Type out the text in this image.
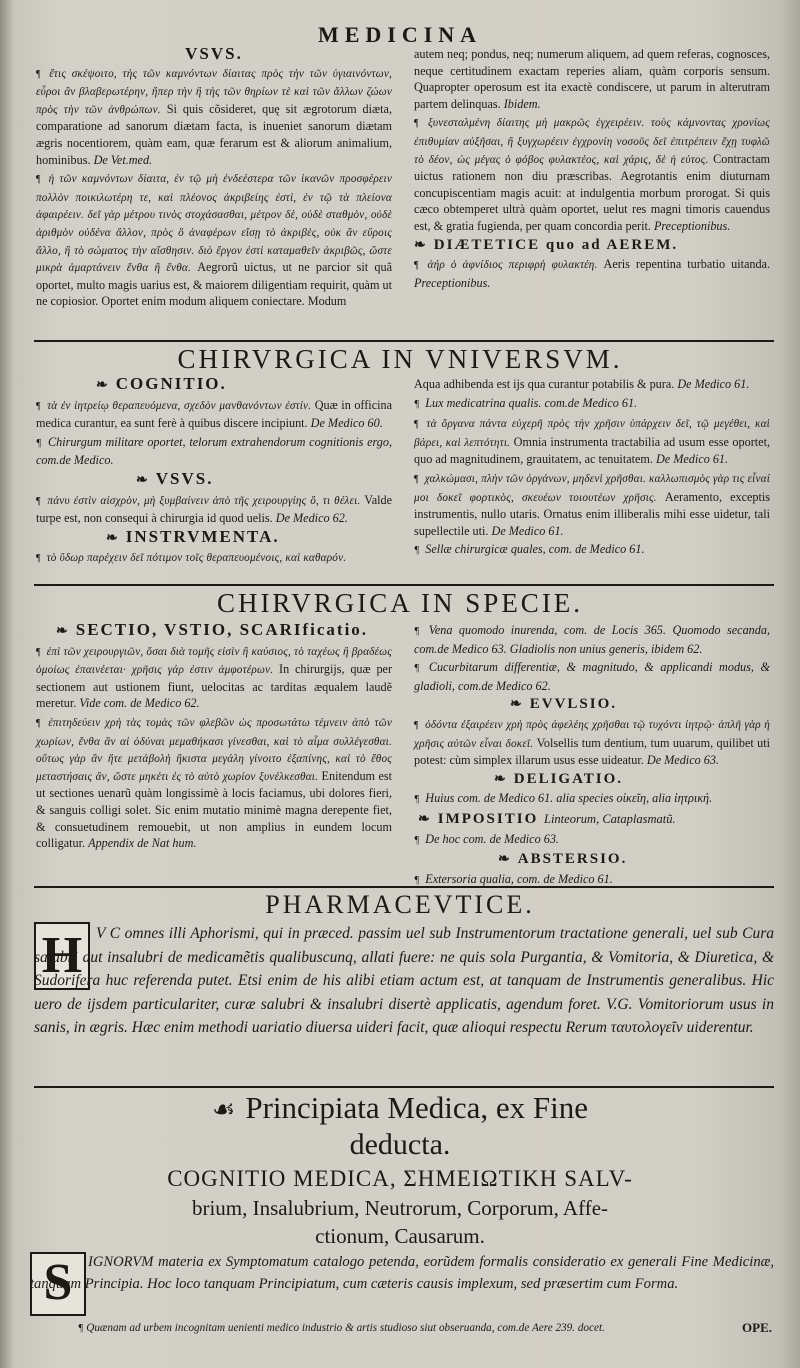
MEDICINA
VSVS.

¶ ἔτις σκέψοιτο, τὴς τῶν καμνόντων δίαιτας πρὸς τὴν τῶν ὑγιαινόντων, εὗροι ἂν βλαβερωτέρην, ἤπερ τὴν ἢ τὴς τῶν θηρίων τὲ καὶ τῶν ἄλλων ζώων πρὸς τὴν τῶν ἀνθρώπων. Si quis cõsideret, quę sit ægrotorum diæta, comparatione ad sanorum diætam facta, is inueniet sanorum diætam ægris nocentiorem, quàm eam, quæ ferarum est & aliorum animalium, hominibus. De Vet.med.

¶ ἡ τῶν καμνόντων δίαιτα, ἐν τῷ μὴ ἐνδεέστερα τῶν ἱκανῶν προσφέρειν πολλὸν ποικιλωτέρη τε, καὶ πλέονος ἀκριβείης ἐστὶ, ἐν τῷ τὰ πλείονα ἀφαιρέειν. δεῖ γὰρ μέτρου τινὸς στοχάσασθαι, μέτρον δὲ, οὐδὲ σταθμὸν, οὐδὲ ἀριθμὸν οὐδένα ἄλλον, πρὸς ὃ ἀναφέρων εἴσῃ τὸ ἀκριβὲς, οὐκ ἂν εὕροις ἄλλο, ἢ τὸ σώματος τὴν αἴσθησιν. διὸ ἔργον ἐστὶ καταμαθεῖν ἀκριβῶς, ὥστε μικρὰ ἁμαρτάνειν ἔνθα ἢ ἔνθα. Aegrorũ uictus, ut ne parcior sit quã oportet, multo magis uarius est, & maiorem diligentiam requirit, quàm ut ne copiosior. Oportet enim modum aliquem coniectare. Modum

autem neq; pondus, neq; numerum aliquem, ad quem referas, cognosces, neque certitudinem exactam reperies aliam, quàm corporis sensum. Quapropter operosum est ita exactè condiscere, ut parum in alterutram partem delinquas. Ibidem.

¶ ξυνεσταλμένη δίαιτης μὴ μακρῶς ἐγχειρέειν. τοὺς κάμνοντας χρονίως ἐπιθυμίαν αὐξῆσαι, ἢ ξυγχωρέειν ἐγχρονίη νοσοῦς δεῖ ἐπιτρέπειν ἔχῃ τυφλῶ τὸ δέον, ὡς μέγας ὁ φόβος φυλακτέος, καὶ χάρις, δὲ ἡ εὐτος. Contractam uictus rationem non diu præscribas. Aegrotantis enim diuturnam concupiscentiam magis acuit: at indulgentia morbum prorogat. Si quis cæco obtemperet ultrà quàm oportet, uelut res magni timoris cauendus est, & gratia fugienda, per quam concordia perit. Preceptionibus.

❧ DIÆTETICE quo ad AEREM.

¶ ἀήρ ὁ ἀφνίδιος περιφρὴ φυλακτέη. Aeris repentina turbatio uitanda. Preceptionibus.

CHIRVRGICA IN VNIVERSVM.
❧ COGNITIO.

¶ τὰ ἐν ἰητρείῳ θεραπευόμενα, σχεδὸν μανθανόντων ἐστίν. Quæ in officina medica curantur, ea sunt ferè à quibus discere incipiunt. De Medico 60.

¶ Chirurgum militare oportet, telorum extrahendorum cognitionis ergo, com.de Medico.

❧ VSVS.

¶ πάνυ ἐστὶν αἰσχρὸν, μὴ ξυμβαίνειν ἀπὸ τῆς χειρουργίης ὃ, τι θέλει. Valde turpe est, non consequi à chirurgia id quod uelis. De Medico 62.

❧ INSTRVMENTA.

¶ τὸ ὕδωρ παρέχειν δεῖ πότιμον τοῖς θεραπευομένοις, καὶ καθαρόν.

Aqua adhibenda est ijs qua curantur potabilis & pura. De Medico 61.

¶ Lux medicatrina qualis. com.de Medico 61.

¶ τὰ ὄργανα πάντα εὐχερῆ πρὸς τὴν χρῆσιν ὑπάρχειν δεῖ, τῷ μεγέθει, καὶ βάρει, καὶ λεπτότητι. Omnia instrumenta tractabilia ad usum esse oportet, quo ad magnitudinem, grauitatem, ac tenuitatem. De Medico 61.

¶ χαλκώμασι, πλὴν τῶν ὀργάνων, μηδενὶ χρῆσθαι. καλλωπισμὸς γὰρ τις εἶναί μοι δοκεῖ φορτικὸς, σκευέων τοιουτέων χρῆσις. Aeramento, exceptis instrumentis, nullo utaris. Ornatus enim illiberalis mihi esse uidetur, tali supellectile uti. De Medico 61.

¶ Sellæ chirurgicæ quales, com. de Medico 61.

CHIRVRGICA IN SPECIE.
❧ SECTIO, VSTIO, SCARIficatio.

¶ ἐπὶ τῶν χειρουργιῶν, ὅσαι διὰ τομῆς εἰσὶν ἢ καύσιος, τὸ ταχέως ἢ βραδέως ὁμοίως ἐπαινέεται· χρῆσις γάρ ἐστιν ἀμφοτέρων. In chirurgijs, quæ per sectionem aut ustionem fiunt, uelocitas ac tarditas æqualem laudẽ meretur. Vide com. de Medico 62.

¶ ἐπιτηδεύειν χρὴ τὰς τομὰς τῶν φλεβῶν ὡς προσωτάτω τέμνειν ἀπὸ τῶν χωρίων, ἔνθα ἂν αἱ ὀδύναι μεμαθήκασι γίνεσθαι, καὶ τὸ αἷμα συλλέγεσθαι. οὕτως γὰρ ἂν ἥτε μετάβολὴ ἥκιστα μεγάλη γίνοιτο ἐξαπίνης, καὶ τὸ ἔθος μεταστήσαις ἂν, ὥστε μηκέτι ἐς τὸ αὐτὸ χωρίον ξυνέλκεσθαι. Enitendum est ut sectiones uenarũ quàm longissimè à locis faciamus, ubi dolores fieri, & sanguis colligi solet. Sic enim mutatio minimè magna derepente fiet, & consuetudinem remouebit, ut non amplius in eundem locum colligatur. Appendix de Nat hum.

¶ Vena quomodo inurenda, com. de Locis 365. Quomodo secanda, com.de Medico 63. Gladiolis non unius generis, ibidem 62.

¶ Cucurbitarum differentiæ, & magnitudo, & applicandi modus, & gladioli, com.de Medico 62.

❧ EVVLSIO.

¶ ὀδόντα ἐξαιρέειν χρὴ πρὸς ἀφελέης χρῆσθαι τῷ τυχόντι ἰητρῷ· ἁπλῆ γὰρ ἡ χρῆσις αὐτῶν εἶναι δοκεῖ. Volsellis tum dentium, tum uuarum, quilibet uti potest: cùm simplex illarum usus esse uideatur. De Medico 63.

❧ DELIGATIO.

¶ Huius com. de Medico 61. alia species οἰκεῖη, alia ἰητρική.

❧ IMPOSITIO Linteorum, Cataplasmatũ.

¶ De hoc com. de Medico 63.

❧ ABSTERSIO.

¶ Extersoria qualia, com. de Medico 61.

PHARMACEVTICE.
H V C omnes illi Aphorismi, qui in præced. passim uel sub Instrumentorum tractatione generali, uel sub Cura salubri aut insalubri de medicamẽtis qualibuscunq, allati fuere: ne quis sola Purgantia, & Vomitoria, & Diuretica, & Sudorifera huc referenda putet. Etsi enim de his alibi etiam actum est, at tanquam de Instrumentis generalibus. Hic uero de ijsdem particulariter, curæ salubri & insalubri disertè applicatis, agendum foret. V.G. Vomitoriorum usus in sanis, in ægris. Hæc enim methodi uariatio diuersa uideri facit, quæ alioqui respectu Rerum ταυτολογεῖν uiderentur.
☙ Principiata Medica, ex Fine
deducta.
COGNITIO MEDICA, ΣΗΜΕΙΩΤΙΚΗ SALV-
brium, Insalubrium, Neutrorum, Corporum, Affe-
ctionum, Causarum.
S	IGNORVM materia ex Symptomatum catalogo petenda, eorũdem formalis consideratio ex generali Fine Medicinæ, tanquam Principia. Hoc loco tanquam Principiatum, cum cæteris causis implexum, sed præsertim cum Forma.
¶ Quænam ad urbem incognitam uenienti medico industrio & artis studioso siut obseruanda, com.de Aere 239. docet.	OPE.
